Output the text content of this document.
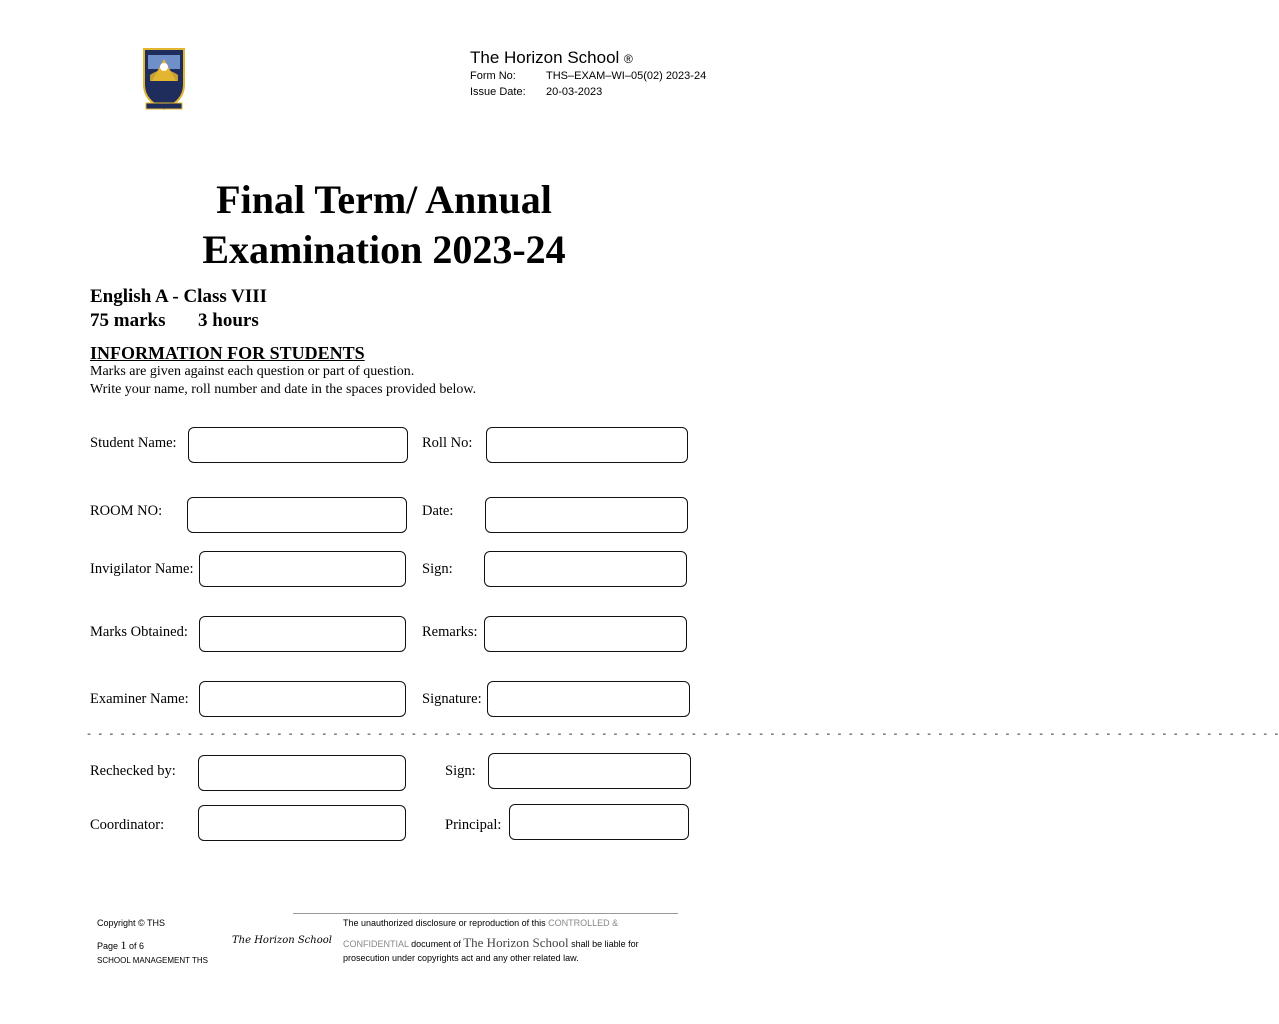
The Horizon School ®
Form No:	THS–EXAM–WI–05(02) 2023-24
Issue Date: 20-03-2023
Final Term/ Annual
Examination 2023-24
English A - Class VIII
75 marks 3 hours
INFORMATION FOR STUDENTS
Marks are given against each question or part of question.
Write your name, roll number and date in the spaces provided below.
Student Name:	Roll No:
ROOM NO:	Date:
Invigilator Name:	Sign:
Marks Obtained:	Remarks:
Examiner Name:	Signature:
- - - - - - - - - - - - - - - - - - - - - - - - - - - - - - - - - - - - - - - - - - - - - - - - - - - - - - - - - - - - - - - - - - - - - - - - - - - - - - - - - - - - - - - - - - - - - - - - - - - - - - - - - - -
Rechecked by:	Sign:
Coordinator:	Principal:
Copyright © THS
Page 1 of 6
SCHOOL MANAGEMENT THS
The Horizon School
The unauthorized disclosure or reproduction of this CONTROLLED &
CONFIDENTIAL document of The Horizon School shall be liable for
prosecution under copyrights act and any other related law.
